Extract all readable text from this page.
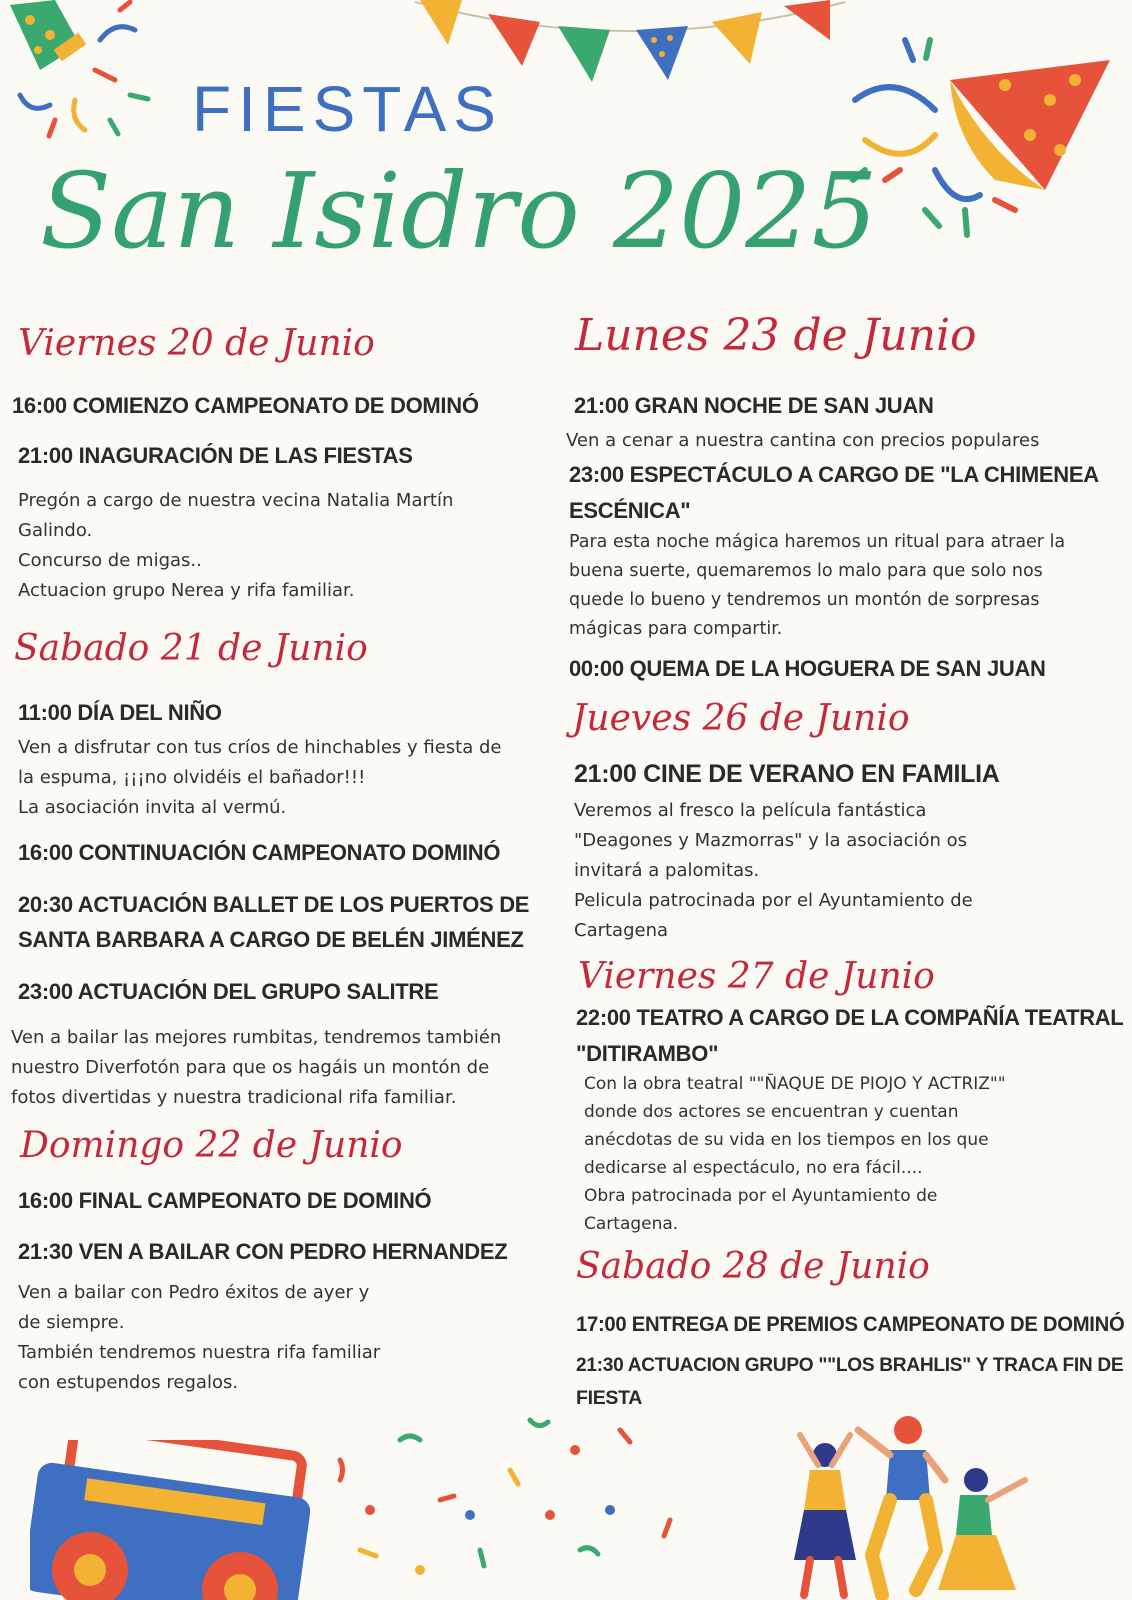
FIESTAS
San Isidro 2025
Viernes 20 de Junio
16:00 COMIENZO CAMPEONATO DE DOMINÓ
21:00 INAGURACIÓN DE LAS FIESTAS

Pregón a cargo de nuestra vecina Natalia Martín

Galindo.

Concurso de migas..

Actuacion grupo Nerea y rifa familiar.

Sabado 21 de Junio
11:00 DÍA DEL NIÑO

Ven a disfrutar con tus críos de hinchables y fiesta de

la espuma, ¡¡¡no olvidéis el bañador!!!

La asociación invita al vermú.

16:00 CONTINUACIÓN CAMPEONATO DOMINÓ
20:30 ACTUACIÓN BALLET DE LOS PUERTOS DE
SANTA BARBARA A CARGO DE BELÉN JIMÉNEZ
23:00 ACTUACIÓN DEL GRUPO SALITRE

Ven a bailar las mejores rumbitas, tendremos también

nuestro Diverfotón para que os hagáis un montón de

fotos divertidas y nuestra tradicional rifa familiar.

Domingo 22 de Junio
16:00 FINAL CAMPEONATO DE DOMINÓ
21:30 VEN A BAILAR CON PEDRO HERNANDEZ

Ven a bailar con Pedro éxitos de ayer y

de siempre.

También tendremos nuestra rifa familiar

con estupendos regalos.

Lunes 23 de Junio
21:00 GRAN NOCHE DE SAN JUAN
Ven a cenar a nuestra cantina con precios populares
23:00 ESPECTÁCULO A CARGO DE "LA CHIMENEA
ESCÉNICA"

Para esta noche mágica haremos un ritual para atraer la

buena suerte, quemaremos lo malo para que solo nos

quede lo bueno y tendremos un montón de sorpresas

mágicas para compartir.

00:00 QUEMA DE LA HOGUERA DE SAN JUAN
Jueves 26 de Junio
21:00 CINE DE VERANO EN FAMILIA

Veremos al fresco la película fantástica

"Deagones y Mazmorras" y la asociación os

invitará a palomitas.

Pelicula patrocinada por el Ayuntamiento de

Cartagena

Viernes 27 de Junio
22:00 TEATRO A CARGO DE LA COMPAÑÍA TEATRAL
"DITIRAMBO"

Con la obra teatral ""ÑAQUE DE PIOJO Y ACTRIZ""

donde dos actores se encuentran y cuentan

anécdotas de su vida en los tiempos en los que

dedicarse al espectáculo, no era fácil....

Obra patrocinada por el Ayuntamiento de

Cartagena.

Sabado 28 de Junio
17:00 ENTREGA DE PREMIOS CAMPEONATO DE DOMINÓ
21:30 ACTUACION GRUPO ""LOS BRAHLIS" Y TRACA FIN DE
FIESTA
